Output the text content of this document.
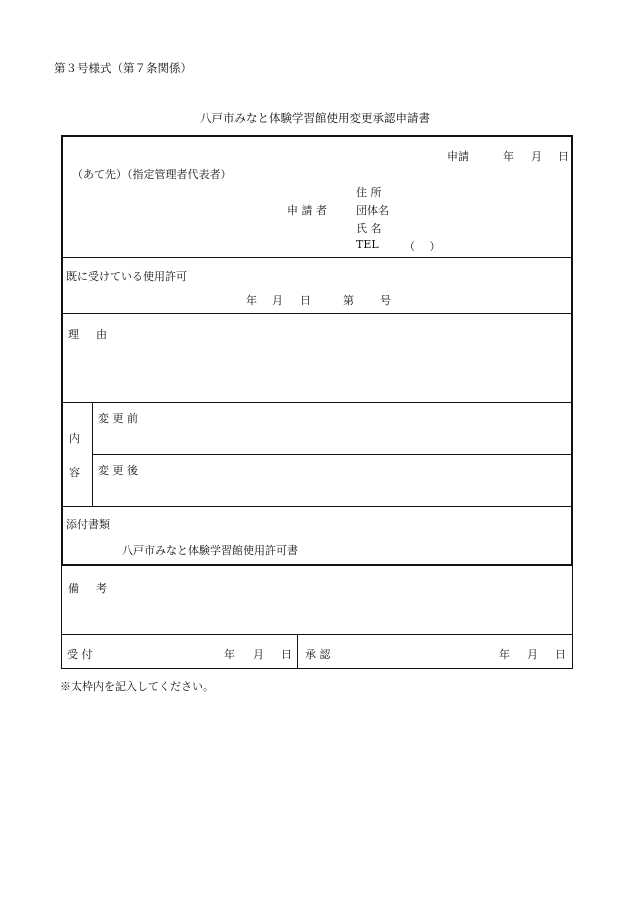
第３号様式（第７条関係）
八戸市みなと体験学習館使用変更承認申請書
申請	年 月 日
（あて先）（指定管理者代表者）
住 所
申 請 者	団体名
氏 名
TEL （　 ）
既に受けている使用許可
年 月 日	第 号
理 由
内
容
変 更 前
変 更 後
添付書類
八戸市みなと体験学習館使用許可書
備 考
受 付	年 月 日 承 認	年 月 日
※太枠内を記入してください。
